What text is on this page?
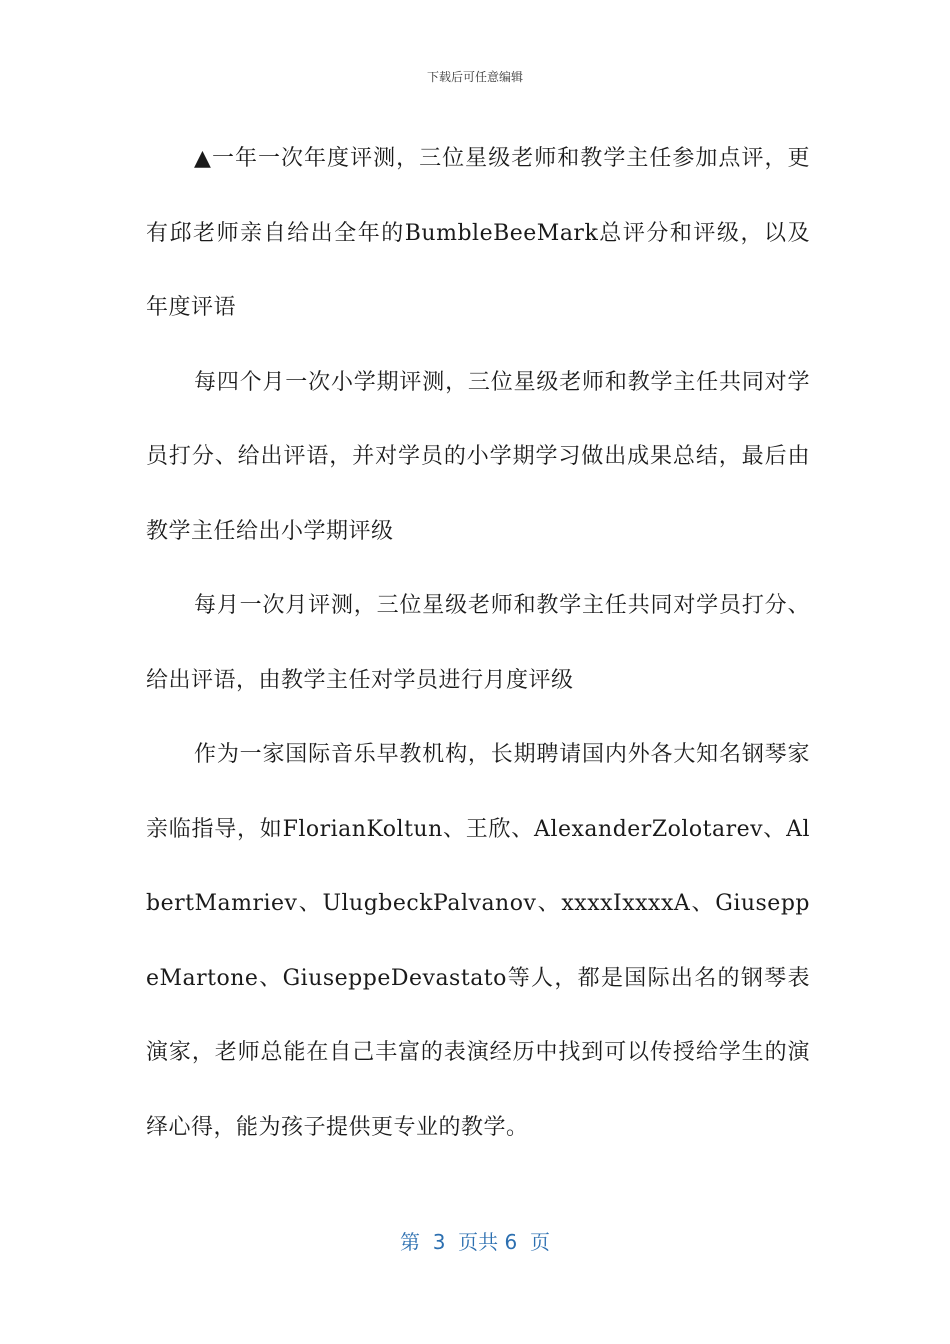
下载后可任意编辑

▲一年一次年度评测，三位星级老师和教学主任参加点评，更有邱老师亲自给出全年的BumbleBeeMark总评分和评级，以及年度评语

每四个月一次小学期评测，三位星级老师和教学主任共同对学员打分、给出评语，并对学员的小学期学习做出成果总结，最后由教学主任给出小学期评级

每月一次月评测，三位星级老师和教学主任共同对学员打分、给出评语，由教学主任对学员进行月度评级

作为一家国际音乐早教机构，长期聘请国内外各大知名钢琴家亲临指导，如FlorianKoltun、王欣、AlexanderZolotarev、AlbertMamriev、UlugbeckPalvanov、xxxxIxxxxA、GiuseppeMartone、GiuseppeDevastato等人，都是国际出名的钢琴表演家，老师总能在自己丰富的表演经历中找到可以传授给学生的演绎心得，能为孩子提供更专业的教学。

第  3  页共 6  页
